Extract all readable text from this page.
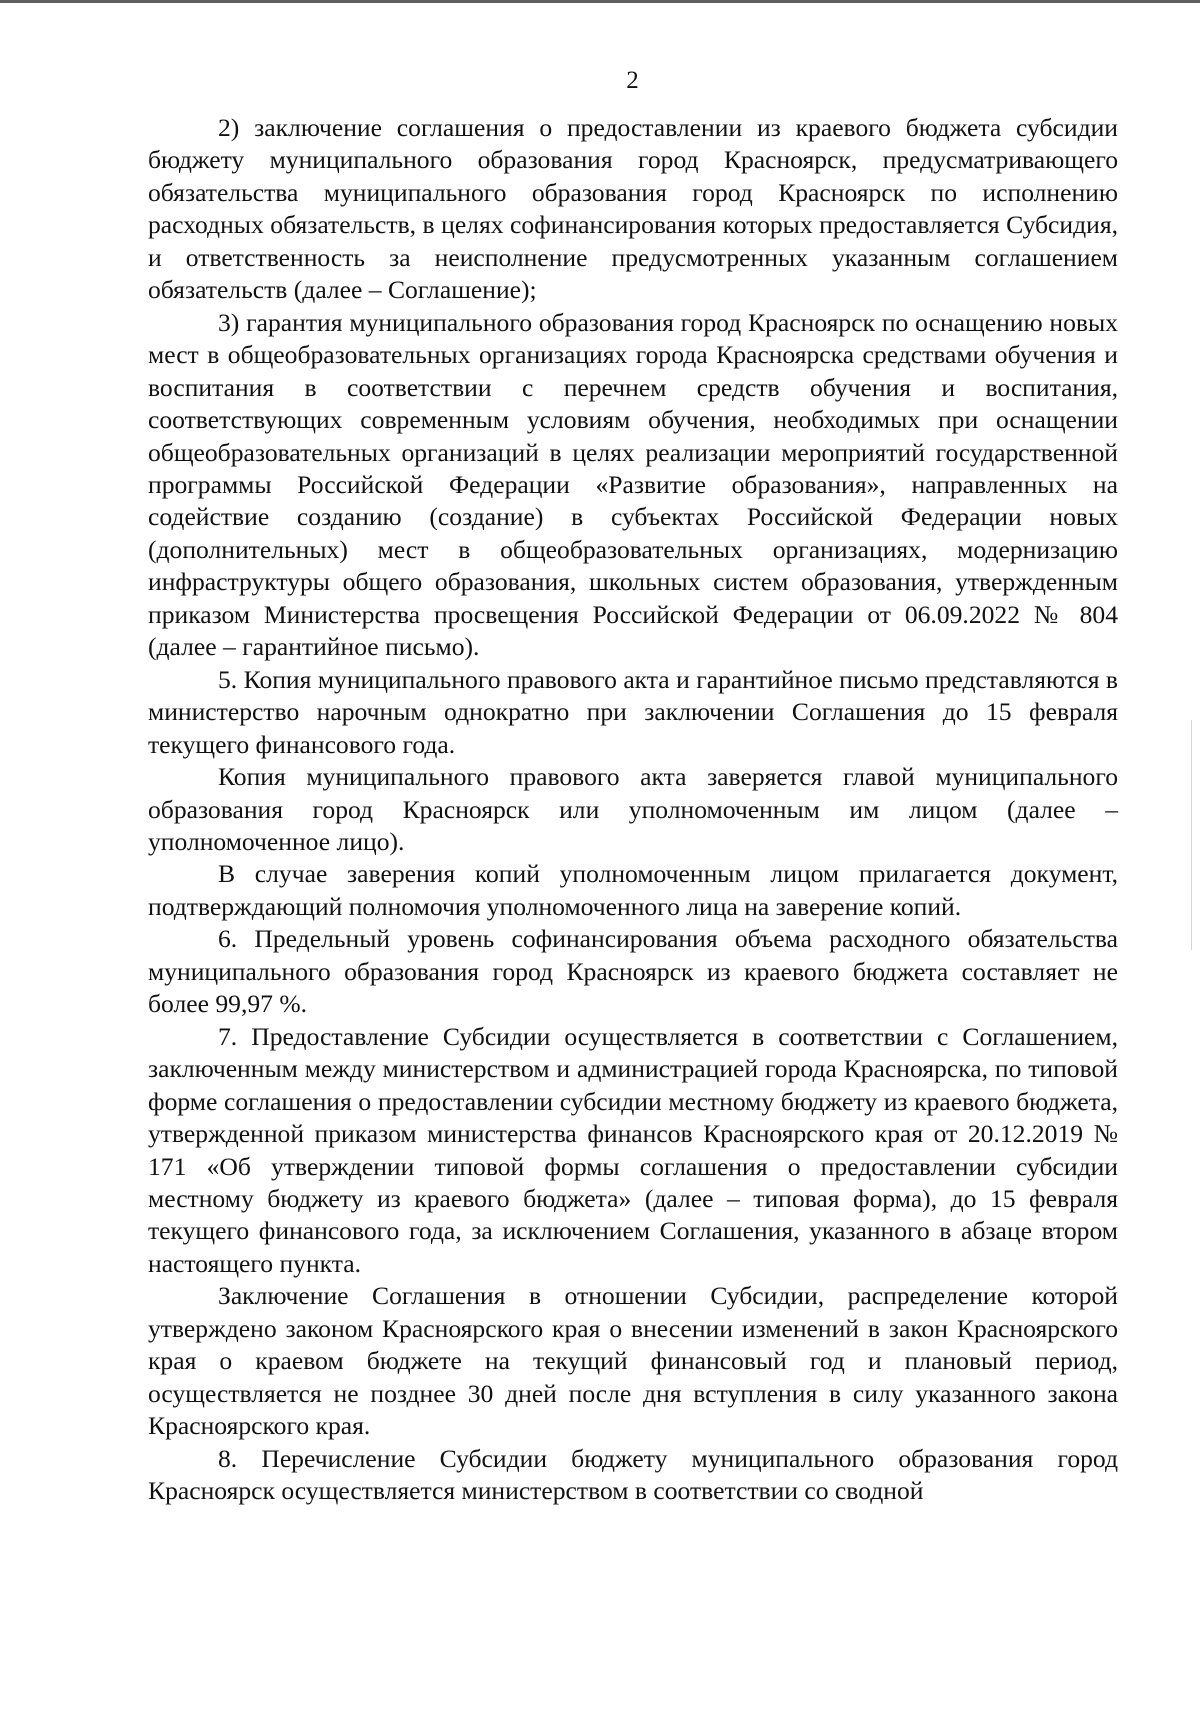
2

2) заключение соглашения о предоставлении из краевого бюджета субсидии бюджету муниципального образования город Красноярск, предусматривающего обязательства муниципального образования город Красноярск по исполнению расходных обязательств, в целях софинансирования которых предоставляется Субсидия, и ответственность за неисполнение предусмотренных указанным соглашением обязательств (далее – Соглашение);

3) гарантия муниципального образования город Красноярск по оснащению новых мест в общеобразовательных организациях города Красноярска средствами обучения и воспитания в соответствии с перечнем средств обучения и воспитания, соответствующих современным условиям обучения, необходимых при оснащении общеобразовательных организаций в целях реализации мероприятий государственной программы Российской Федерации «Развитие образования», направленных на содействие созданию (создание) в субъектах Российской Федерации новых (дополнительных) мест в общеобразовательных организациях, модернизацию инфраструктуры общего образования, школьных систем образования, утвержденным приказом Министерства просвещения Российской Федерации от 06.09.2022 № 804 (далее – гарантийное письмо).

5. Копия муниципального правового акта и гарантийное письмо представляются в министерство нарочным однократно при заключении Соглашения до 15 февраля текущего финансового года.

Копия муниципального правового акта заверяется главой муниципального образования город Красноярск или уполномоченным им лицом (далее – уполномоченное лицо).

В случае заверения копий уполномоченным лицом прилагается документ, подтверждающий полномочия уполномоченного лица на заверение копий.

6. Предельный уровень софинансирования объема расходного обязательства муниципального образования город Красноярск из краевого бюджета составляет не более 99,97 %.

7. Предоставление Субсидии осуществляется в соответствии с Соглашением, заключенным между министерством и администрацией города Красноярска, по типовой форме соглашения о предоставлении субсидии местному бюджету из краевого бюджета, утвержденной приказом министерства финансов Красноярского края от 20.12.2019 № 171 «Об утверждении типовой формы соглашения о предоставлении субсидии местному бюджету из краевого бюджета» (далее – типовая форма), до 15 февраля текущего финансового года, за исключением Соглашения, указанного в абзаце втором настоящего пункта.

Заключение Соглашения в отношении Субсидии, распределение которой утверждено законом Красноярского края о внесении изменений в закон Красноярского края о краевом бюджете на текущий финансовый год и плановый период, осуществляется не позднее 30 дней после дня вступления в силу указанного закона Красноярского края.

8. Перечисление Субсидии бюджету муниципального образования город Красноярск осуществляется министерством в соответствии со сводной
